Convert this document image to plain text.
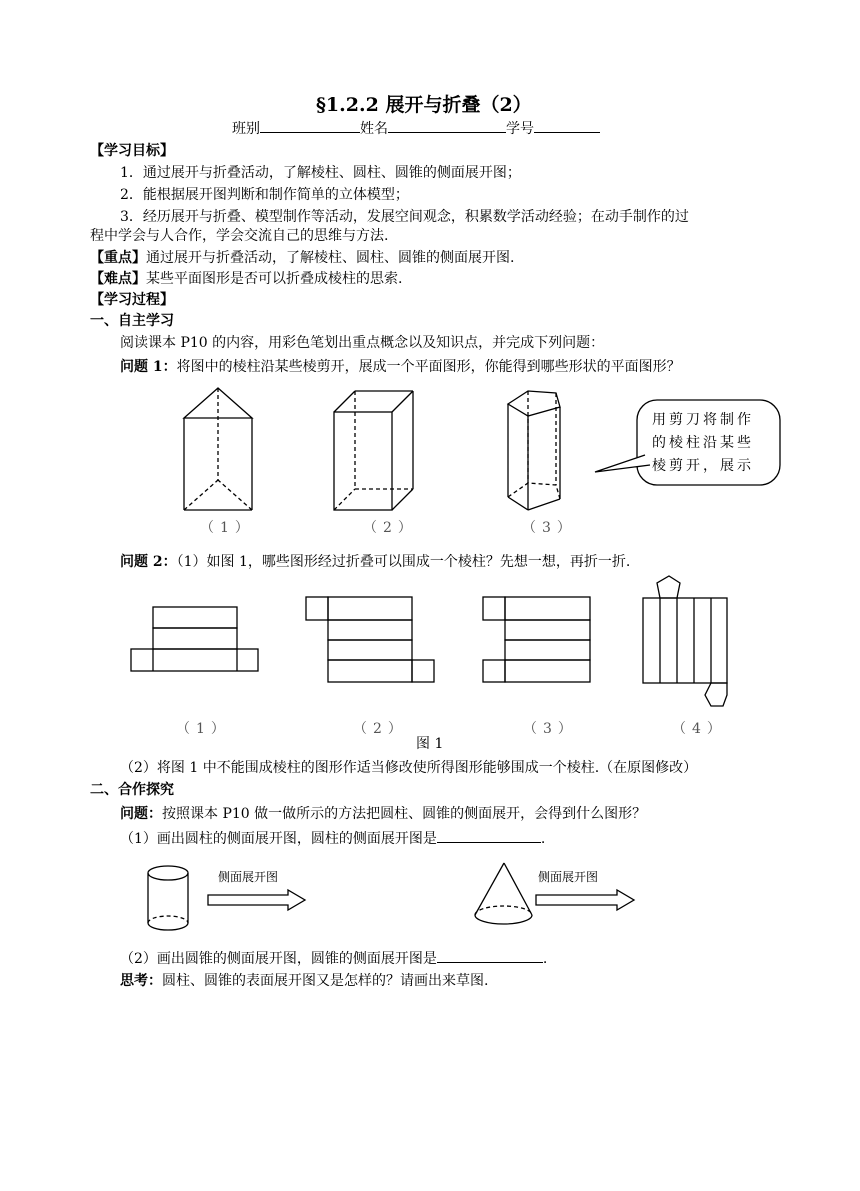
§1.2.2 展开与折叠（2）
班别	姓名	学号
【学习目标】
1．通过展开与折叠活动，了解棱柱、圆柱、圆锥的侧面展开图；
2．能根据展开图判断和制作简单的立体模型；
3．经历展开与折叠、模型制作等活动，发展空间观念，积累数学活动经验；在动手制作的过
程中学会与人合作，学会交流自己的思维与方法.
【重点】通过展开与折叠活动，了解棱柱、圆柱、圆锥的侧面展开图.
【难点】某些平面图形是否可以折叠成棱柱的思索.
【学习过程】
一、自主学习
阅读课本 P10 的内容，用彩色笔划出重点概念以及知识点，并完成下列问题：
问题 1：将图中的棱柱沿某些棱剪开，展成一个平面图形，你能得到哪些形状的平面图形？
用剪刀将制作
的棱柱沿某些
棱剪开，展示
（1）	（2）	（3）
问题 2：（1）如图 1，哪些图形经过折叠可以围成一个棱柱？先想一想，再折一折.
（1）	（2）	（3）	（4）
图 1
（2）将图 1 中不能围成棱柱的图形作适当修改使所得图形能够围成一个棱柱.（在原图修改）
二、合作探究
问题：按照课本 P10 做一做所示的方法把圆柱、圆锥的侧面展开，会得到什么图形？
（1）画出圆柱的侧面展开图，圆柱的侧面展开图是	.
侧面展开图	侧面展开图
（2）画出圆锥的侧面展开图，圆锥的侧面展开图是	.
思考：圆柱、圆锥的表面展开图又是怎样的？请画出来草图.
